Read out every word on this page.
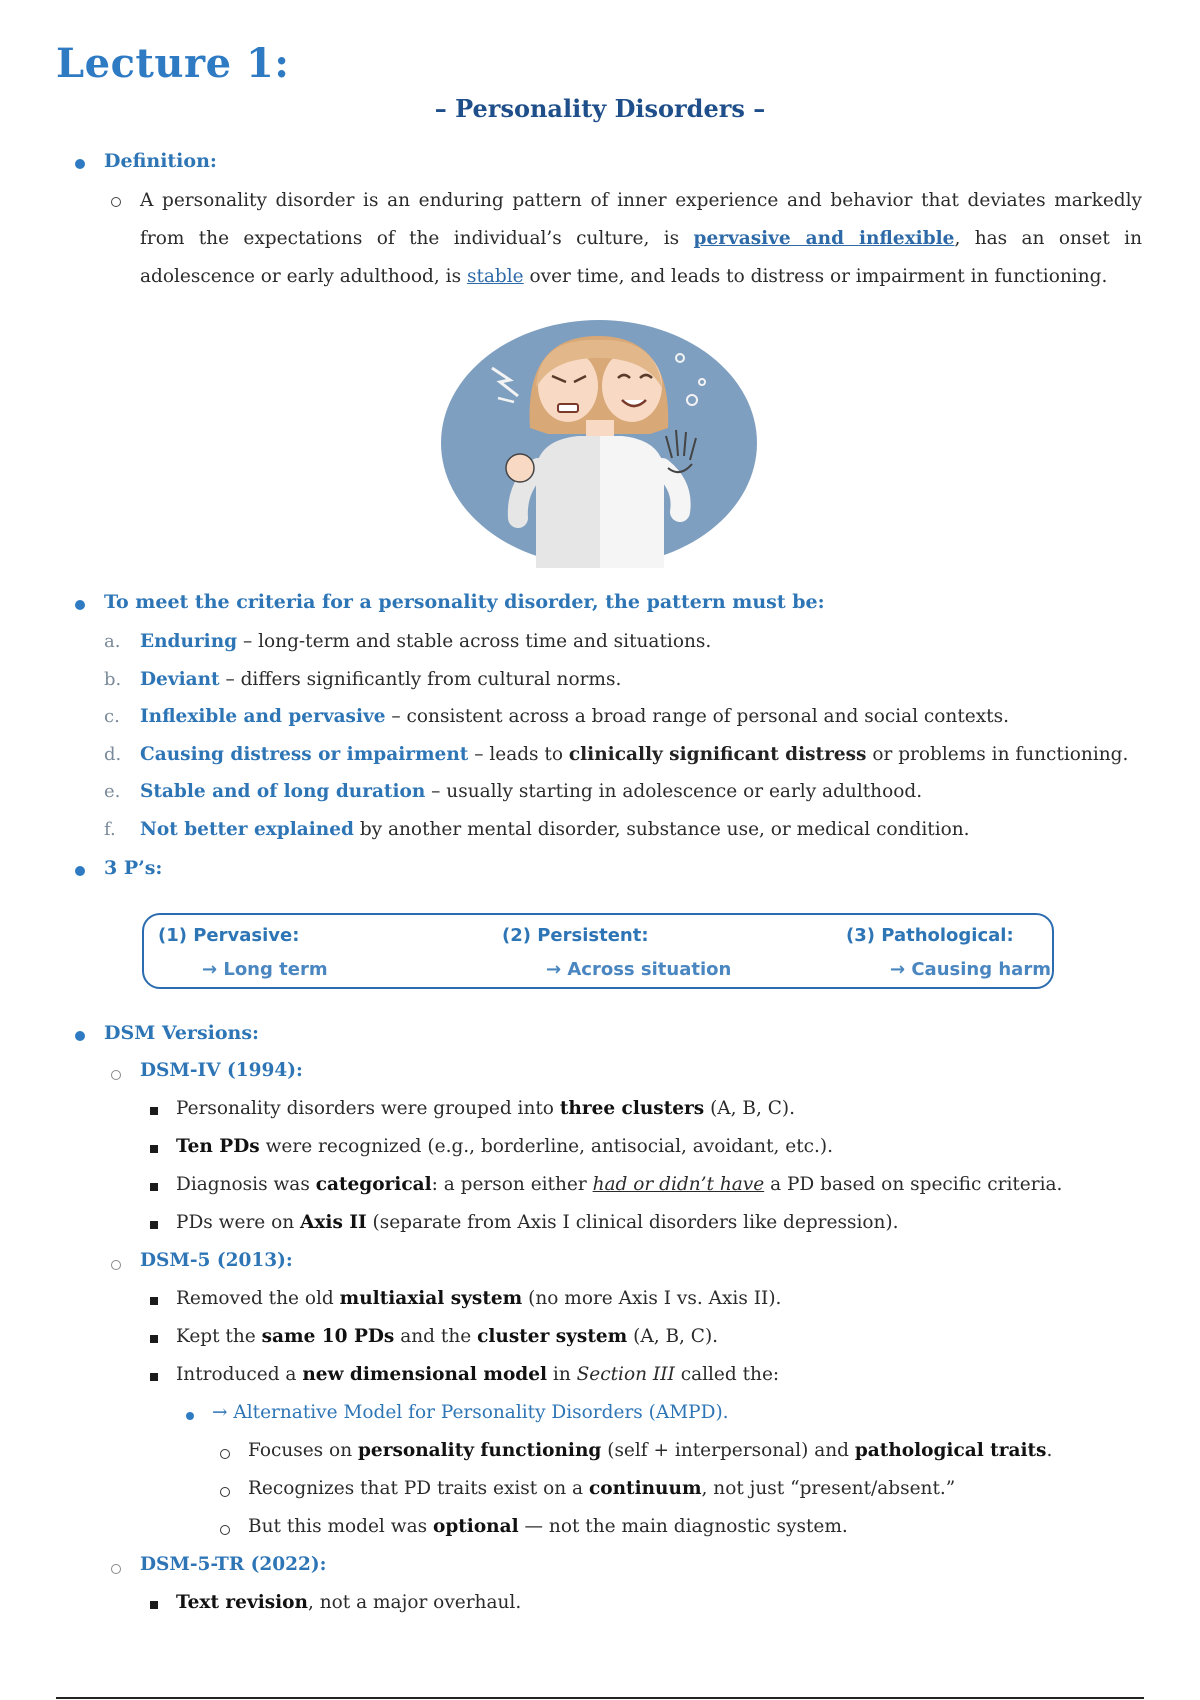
Lecture 1:
– Personality Disorders –
Definition:
A personality disorder is an enduring pattern of inner experience and behavior that deviates markedly from the expectations of the individual’s culture, is pervasive and inflexible, has an onset in adolescence or early adulthood, is stable over time, and leads to distress or impairment in functioning.
To meet the criteria for a personality disorder, the pattern must be:
a. Enduring – long-term and stable across time and situations.
b. Deviant – differs significantly from cultural norms.
c. Inflexible and pervasive – consistent across a broad range of personal and social contexts.
d. Causing distress or impairment – leads to clinically significant distress or problems in functioning.
e. Stable and of long duration – usually starting in adolescence or early adulthood.
f. Not better explained by another mental disorder, substance use, or medical condition.
3 P’s:
(1) Pervasive:
→ Long term
(2) Persistent:
→ Across situation
(3) Pathological:
→ Causing harm
DSM Versions:
DSM-IV (1994):
Personality disorders were grouped into three clusters (A, B, C).
Ten PDs were recognized (e.g., borderline, antisocial, avoidant, etc.).
Diagnosis was categorical: a person either had or didn’t have a PD based on specific criteria.
PDs were on Axis II (separate from Axis I clinical disorders like depression).
DSM-5 (2013):
Removed the old multiaxial system (no more Axis I vs. Axis II).
Kept the same 10 PDs and the cluster system (A, B, C).
Introduced a new dimensional model in Section III called the:
→ Alternative Model for Personality Disorders (AMPD).
Focuses on personality functioning (self + interpersonal) and pathological traits.
Recognizes that PD traits exist on a continuum, not just “present/absent.”
But this model was optional — not the main diagnostic system.
DSM-5-TR (2022):
Text revision, not a major overhaul.
